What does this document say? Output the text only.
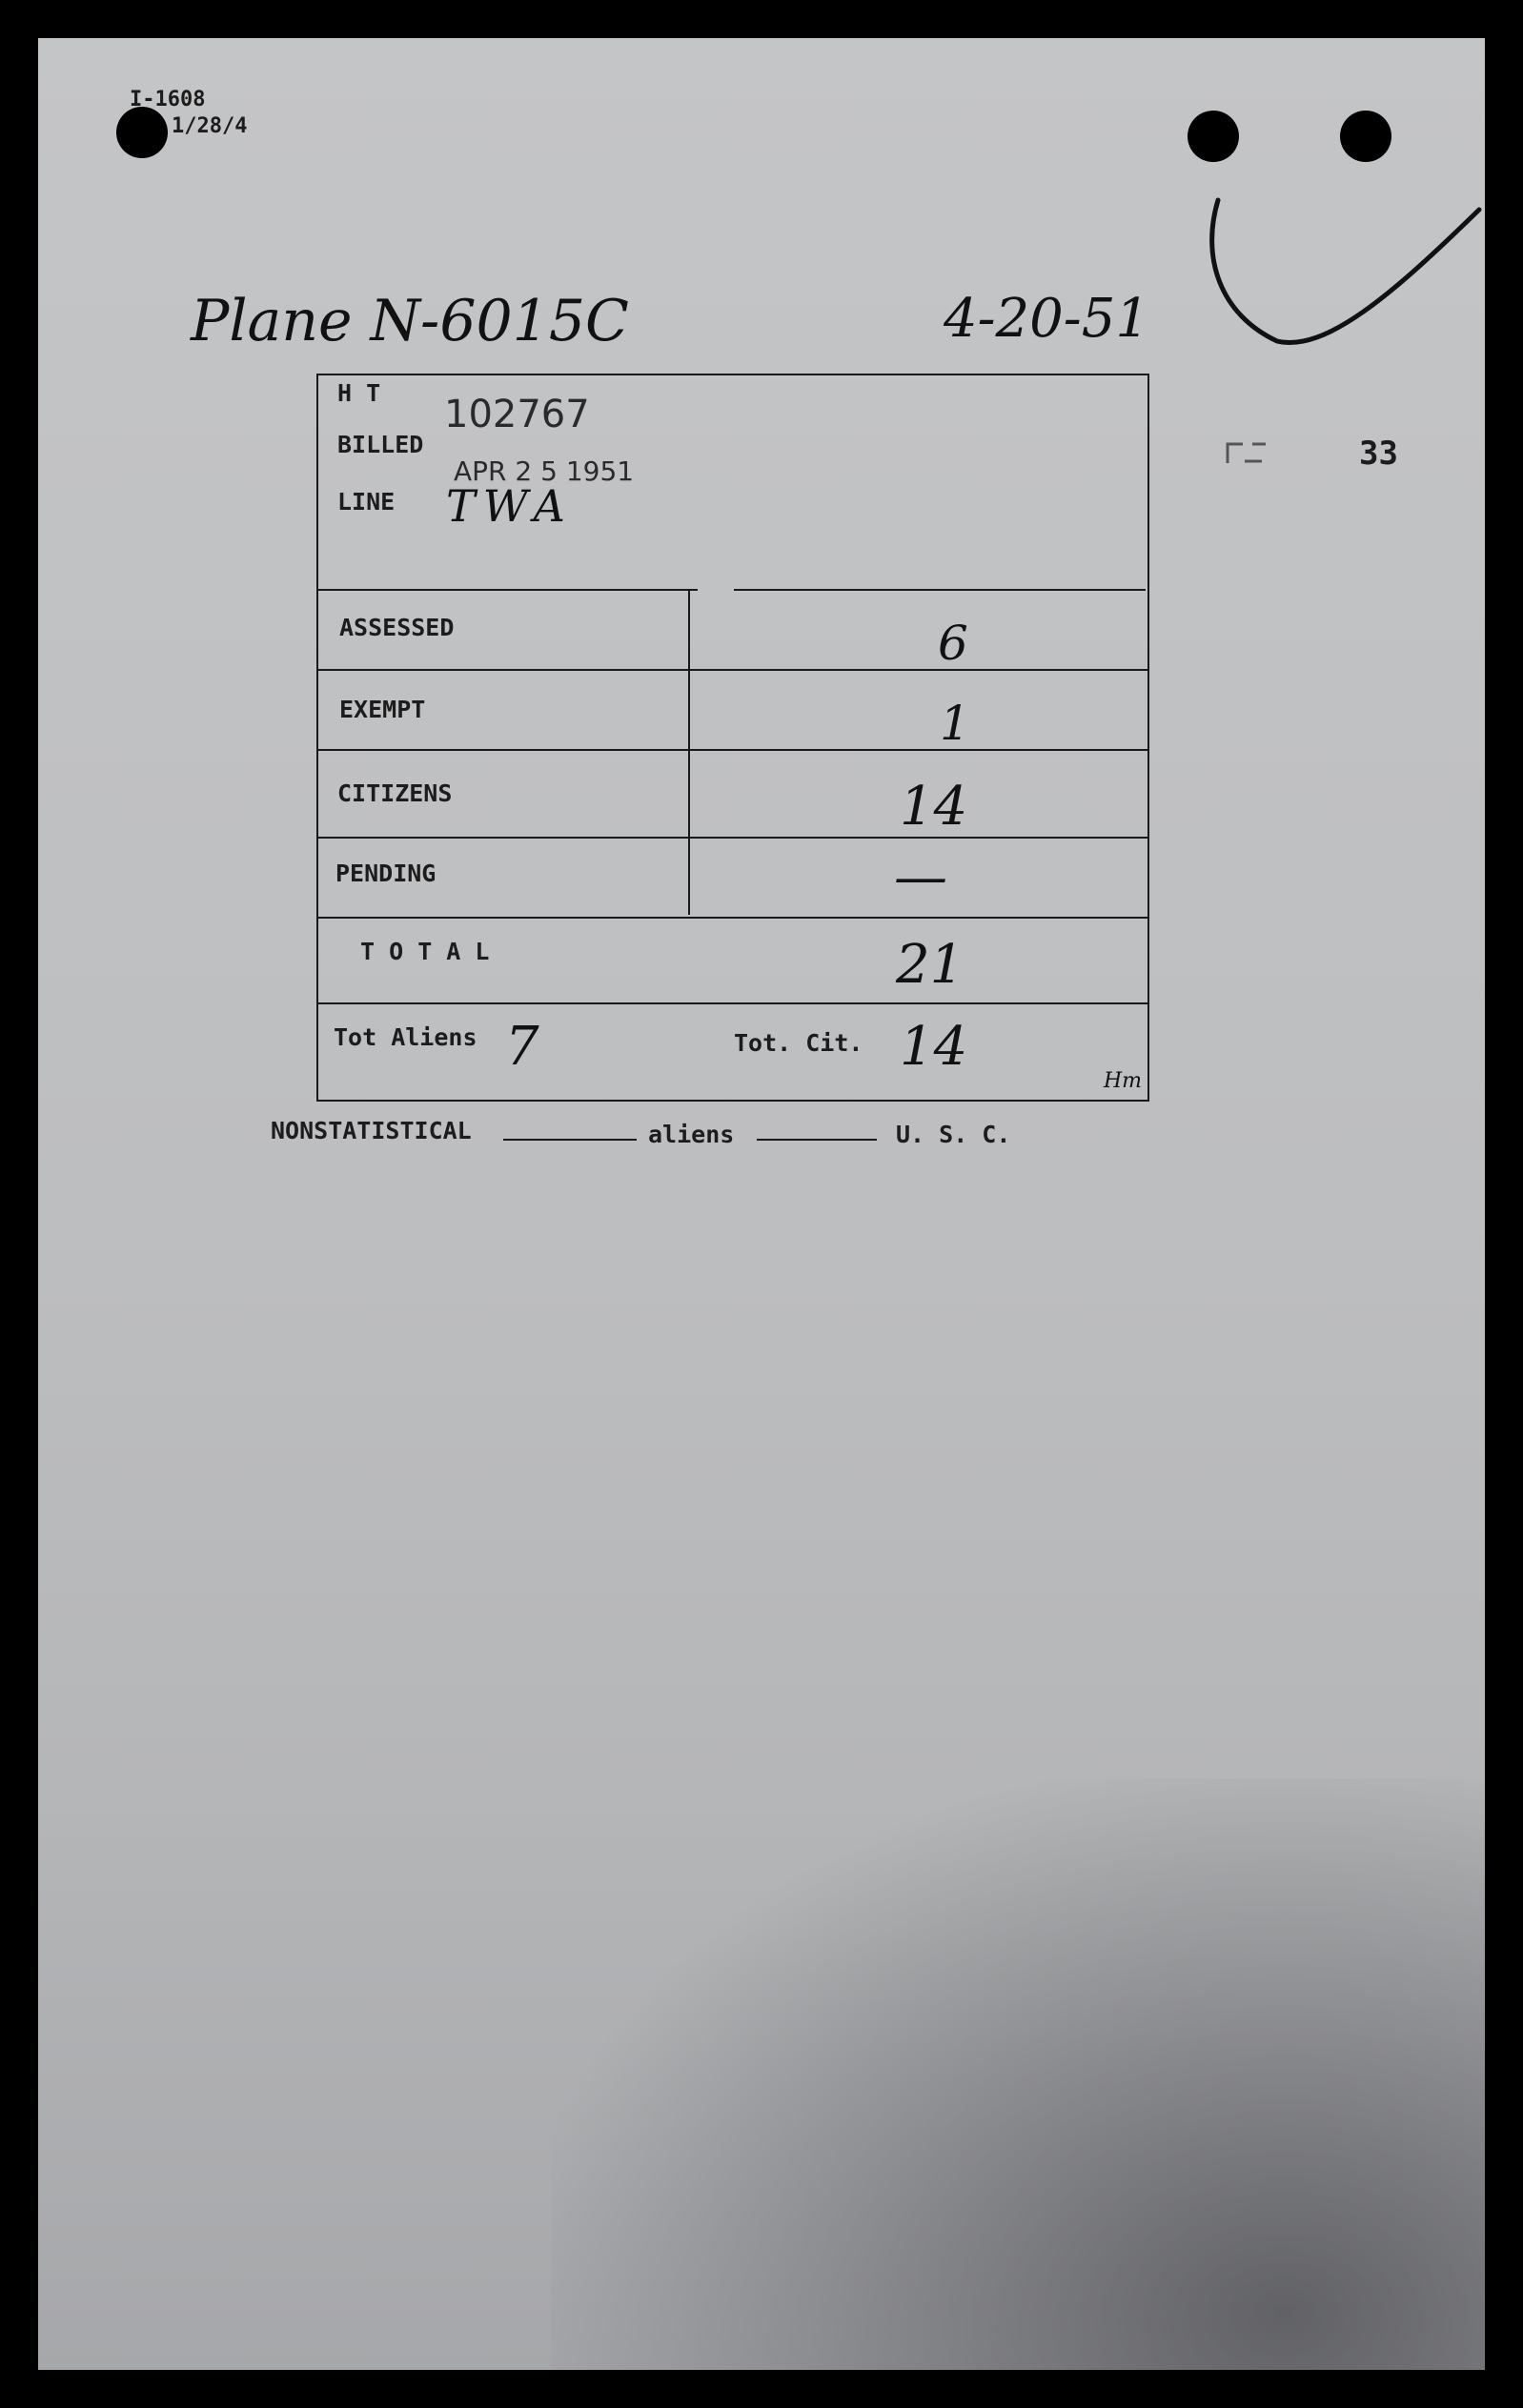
I-1608
1/28/4
Plane N-6015C	4-20-51
33
H T 102767
BILLED
APR 2 5 1951
LINE TWA
ASSESSED	6
EXEMPT	1
CITIZENS	14
PENDING	—
T O T A L	21
Tot Aliens 7	Tot. Cit. 14
Hm
NONSTATISTICAL	aliens	U. S. C.
